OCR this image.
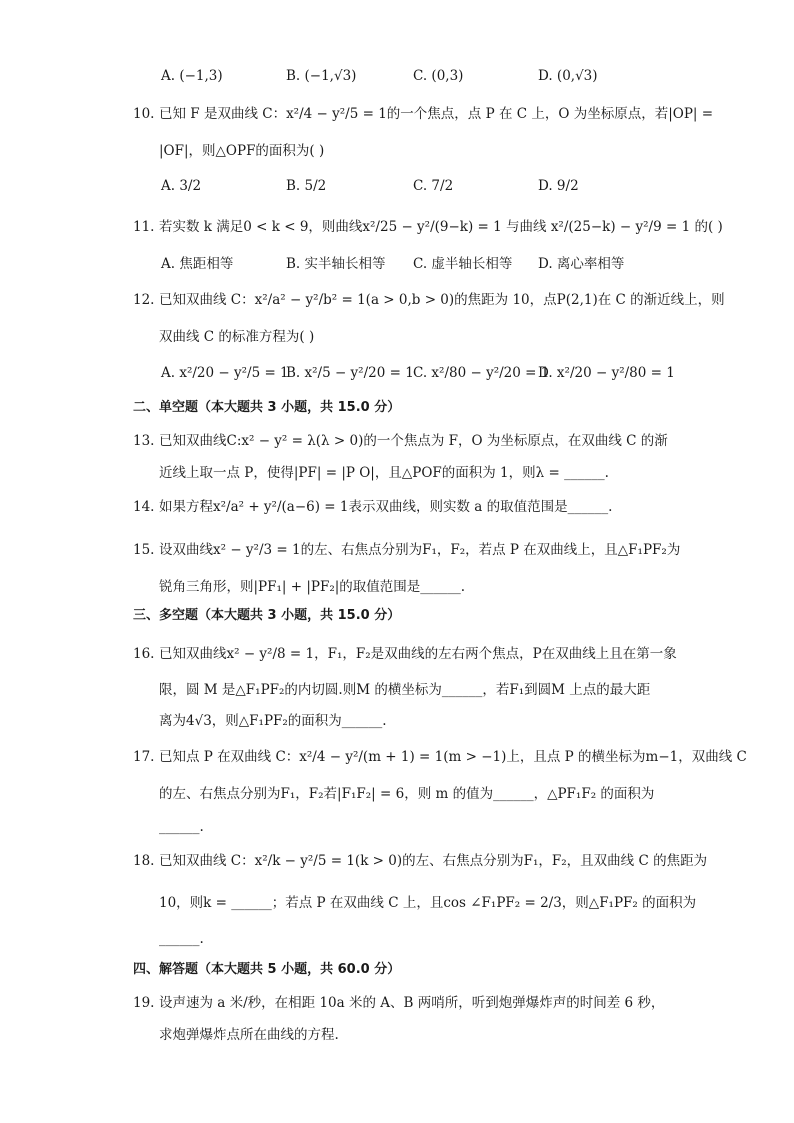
A. (−1,3)	B. (−1,√3)	C. (0,3)	D. (0,√3)
10. 已知 F 是双曲线 C：x²/4 − y²/5 = 1的一个焦点，点 P 在 C 上，O 为坐标原点，若|OP| =
|OF|，则△OPF的面积为( )
A. 3/2	B. 5/2	C. 7/2	D. 9/2
11. 若实数 k 满足0 < k < 9，则曲线x²/25 − y²/(9−k) = 1 与曲线 x²/(25−k) − y²/9 = 1 的( )
A. 焦距相等	B. 实半轴长相等 C. 虚半轴长相等 D. 离心率相等
12. 已知双曲线 C：x²/a² − y²/b² = 1(a > 0,b > 0)的焦距为 10，点P(2,1)在 C 的渐近线上，则
双曲线 C 的标准方程为( )
A. x²/20 − y²/5 = 1
B. x²/5 − y²/20 = 1 C. x²/80 − y²/20 = 1
D. x²/20 − y²/80 = 1
二、单空题（本大题共 3 小题，共 15.0 分）
13. 已知双曲线C:x² − y² = λ(λ > 0)的一个焦点为 F，O 为坐标原点，在双曲线 C 的渐
近线上取一点 P，使得|PF| = |P O|，且△POF的面积为 1，则λ = ______.
14. 如果方程x²/a² + y²/(a−6) = 1表示双曲线，则实数 a 的取值范围是______.
15. 设双曲线x² − y²/3 = 1的左、右焦点分别为F₁，F₂，若点 P 在双曲线上，且△F₁PF₂为
锐角三角形，则|PF₁| + |PF₂|的取值范围是______.
三、多空题（本大题共 3 小题，共 15.0 分）
16. 已知双曲线x² − y²/8 = 1，F₁，F₂是双曲线的左右两个焦点，P在双曲线上且在第一象
限，圆 M 是△F₁PF₂的内切圆.则M 的横坐标为______，若F₁到圆M 上点的最大距
离为4√3，则△F₁PF₂的面积为______.
17. 已知点 P 在双曲线 C：x²/4 − y²/(m + 1) = 1(m > −1)上，且点 P 的横坐标为m−1，双曲线 C
的左、右焦点分别为F₁，F₂若|F₁F₂| = 6，则 m 的值为______，△PF₁F₂ 的面积为
______.
18. 已知双曲线 C：x²/k − y²/5 = 1(k > 0)的左、右焦点分别为F₁，F₂，且双曲线 C 的焦距为
10，则k = ______；若点 P 在双曲线 C 上，且cos ∠F₁PF₂ = 2/3，则△F₁PF₂ 的面积为
______.
四、解答题（本大题共 5 小题，共 60.0 分）
19. 设声速为 a 米/秒，在相距 10a 米的 A、B 两哨所，听到炮弹爆炸声的时间差 6 秒，
求炮弹爆炸点所在曲线的方程.
